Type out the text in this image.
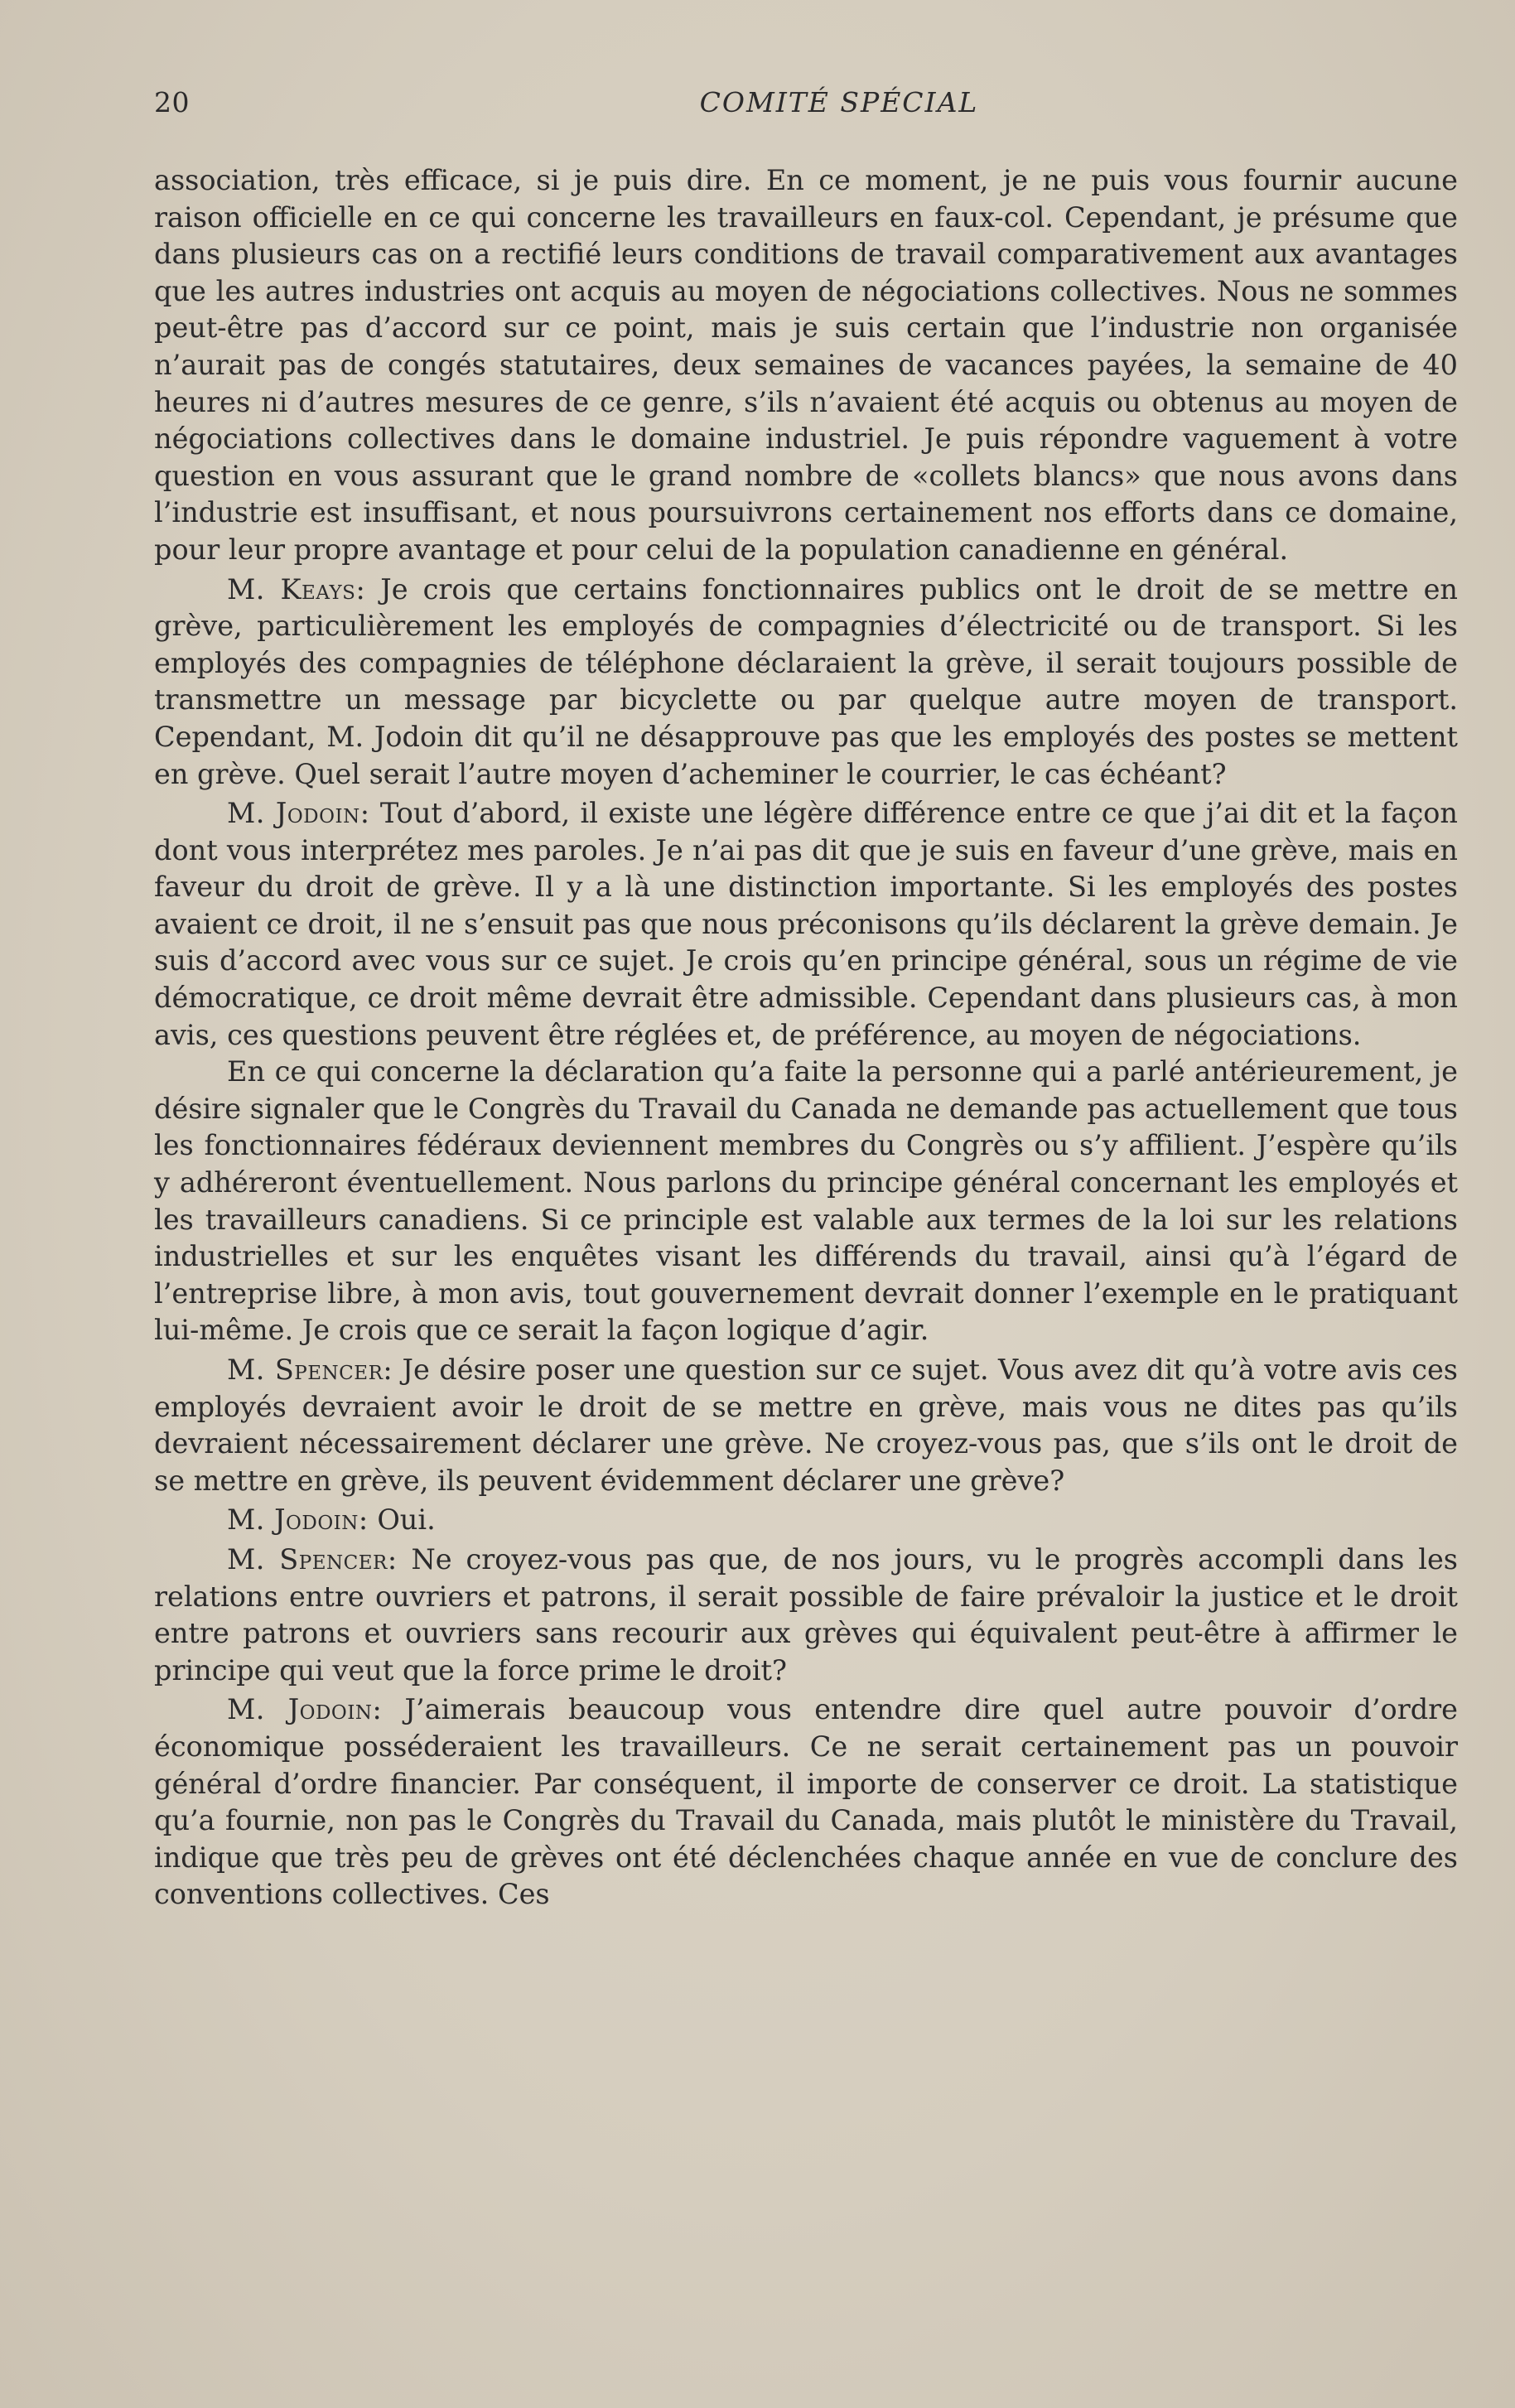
20	COMITÉ SPÉCIAL

association, très efficace, si je puis dire. En ce moment, je ne puis vous fournir aucune raison officielle en ce qui concerne les travailleurs en faux-col. Cependant, je présume que dans plusieurs cas on a rectifié leurs conditions de travail comparativement aux avantages que les autres industries ont acquis au moyen de négociations collectives. Nous ne sommes peut-être pas d’accord sur ce point, mais je suis certain que l’industrie non organisée n’aurait pas de congés statutaires, deux semaines de vacances payées, la semaine de 40 heures ni d’autres mesures de ce genre, s’ils n’avaient été acquis ou obtenus au moyen de négociations collectives dans le domaine industriel. Je puis répondre vaguement à votre question en vous assurant que le grand nombre de «collets blancs» que nous avons dans l’industrie est insuffisant, et nous poursuivrons certainement nos efforts dans ce domaine, pour leur propre avantage et pour celui de la population canadienne en général.

M. Keays: Je crois que certains fonctionnaires publics ont le droit de se mettre en grève, particulièrement les employés de compagnies d’électricité ou de transport. Si les employés des compagnies de téléphone déclaraient la grève, il serait toujours possible de transmettre un message par bicyclette ou par quelque autre moyen de transport. Cependant, M. Jodoin dit qu’il ne désapprouve pas que les employés des postes se mettent en grève. Quel serait l’autre moyen d’acheminer le courrier, le cas échéant?

M. Jodoin: Tout d’abord, il existe une légère différence entre ce que j’ai dit et la façon dont vous interprétez mes paroles. Je n’ai pas dit que je suis en faveur d’une grève, mais en faveur du droit de grève. Il y a là une distinction importante. Si les employés des postes avaient ce droit, il ne s’ensuit pas que nous préconisons qu’ils déclarent la grève demain. Je suis d’accord avec vous sur ce sujet. Je crois qu’en principe général, sous un régime de vie démocratique, ce droit même devrait être admissible. Cependant dans plusieurs cas, à mon avis, ces questions peuvent être réglées et, de préférence, au moyen de négociations.

En ce qui concerne la déclaration qu’a faite la personne qui a parlé antérieurement, je désire signaler que le Congrès du Travail du Canada ne demande pas actuellement que tous les fonctionnaires fédéraux deviennent membres du Congrès ou s’y affilient. J’espère qu’ils y adhéreront éventuellement. Nous parlons du principe général concernant les employés et les travailleurs canadiens. Si ce principle est valable aux termes de la loi sur les relations industrielles et sur les enquêtes visant les différends du travail, ainsi qu’à l’égard de l’entreprise libre, à mon avis, tout gouvernement devrait donner l’exemple en le pratiquant lui-même. Je crois que ce serait la façon logique d’agir.

M. Spencer: Je désire poser une question sur ce sujet. Vous avez dit qu’à votre avis ces employés devraient avoir le droit de se mettre en grève, mais vous ne dites pas qu’ils devraient nécessairement déclarer une grève. Ne croyez-vous pas, que s’ils ont le droit de se mettre en grève, ils peuvent évidemment déclarer une grève?

M. Jodoin: Oui.

M. Spencer: Ne croyez-vous pas que, de nos jours, vu le progrès accompli dans les relations entre ouvriers et patrons, il serait possible de faire prévaloir la justice et le droit entre patrons et ouvriers sans recourir aux grèves qui équivalent peut-être à affirmer le principe qui veut que la force prime le droit?

M. Jodoin: J’aimerais beaucoup vous entendre dire quel autre pouvoir d’ordre économique posséderaient les travailleurs. Ce ne serait certainement pas un pouvoir général d’ordre financier. Par conséquent, il importe de conserver ce droit. La statistique qu’a fournie, non pas le Congrès du Travail du Canada, mais plutôt le ministère du Travail, indique que très peu de grèves ont été déclenchées chaque année en vue de conclure des conventions collectives. Ces
